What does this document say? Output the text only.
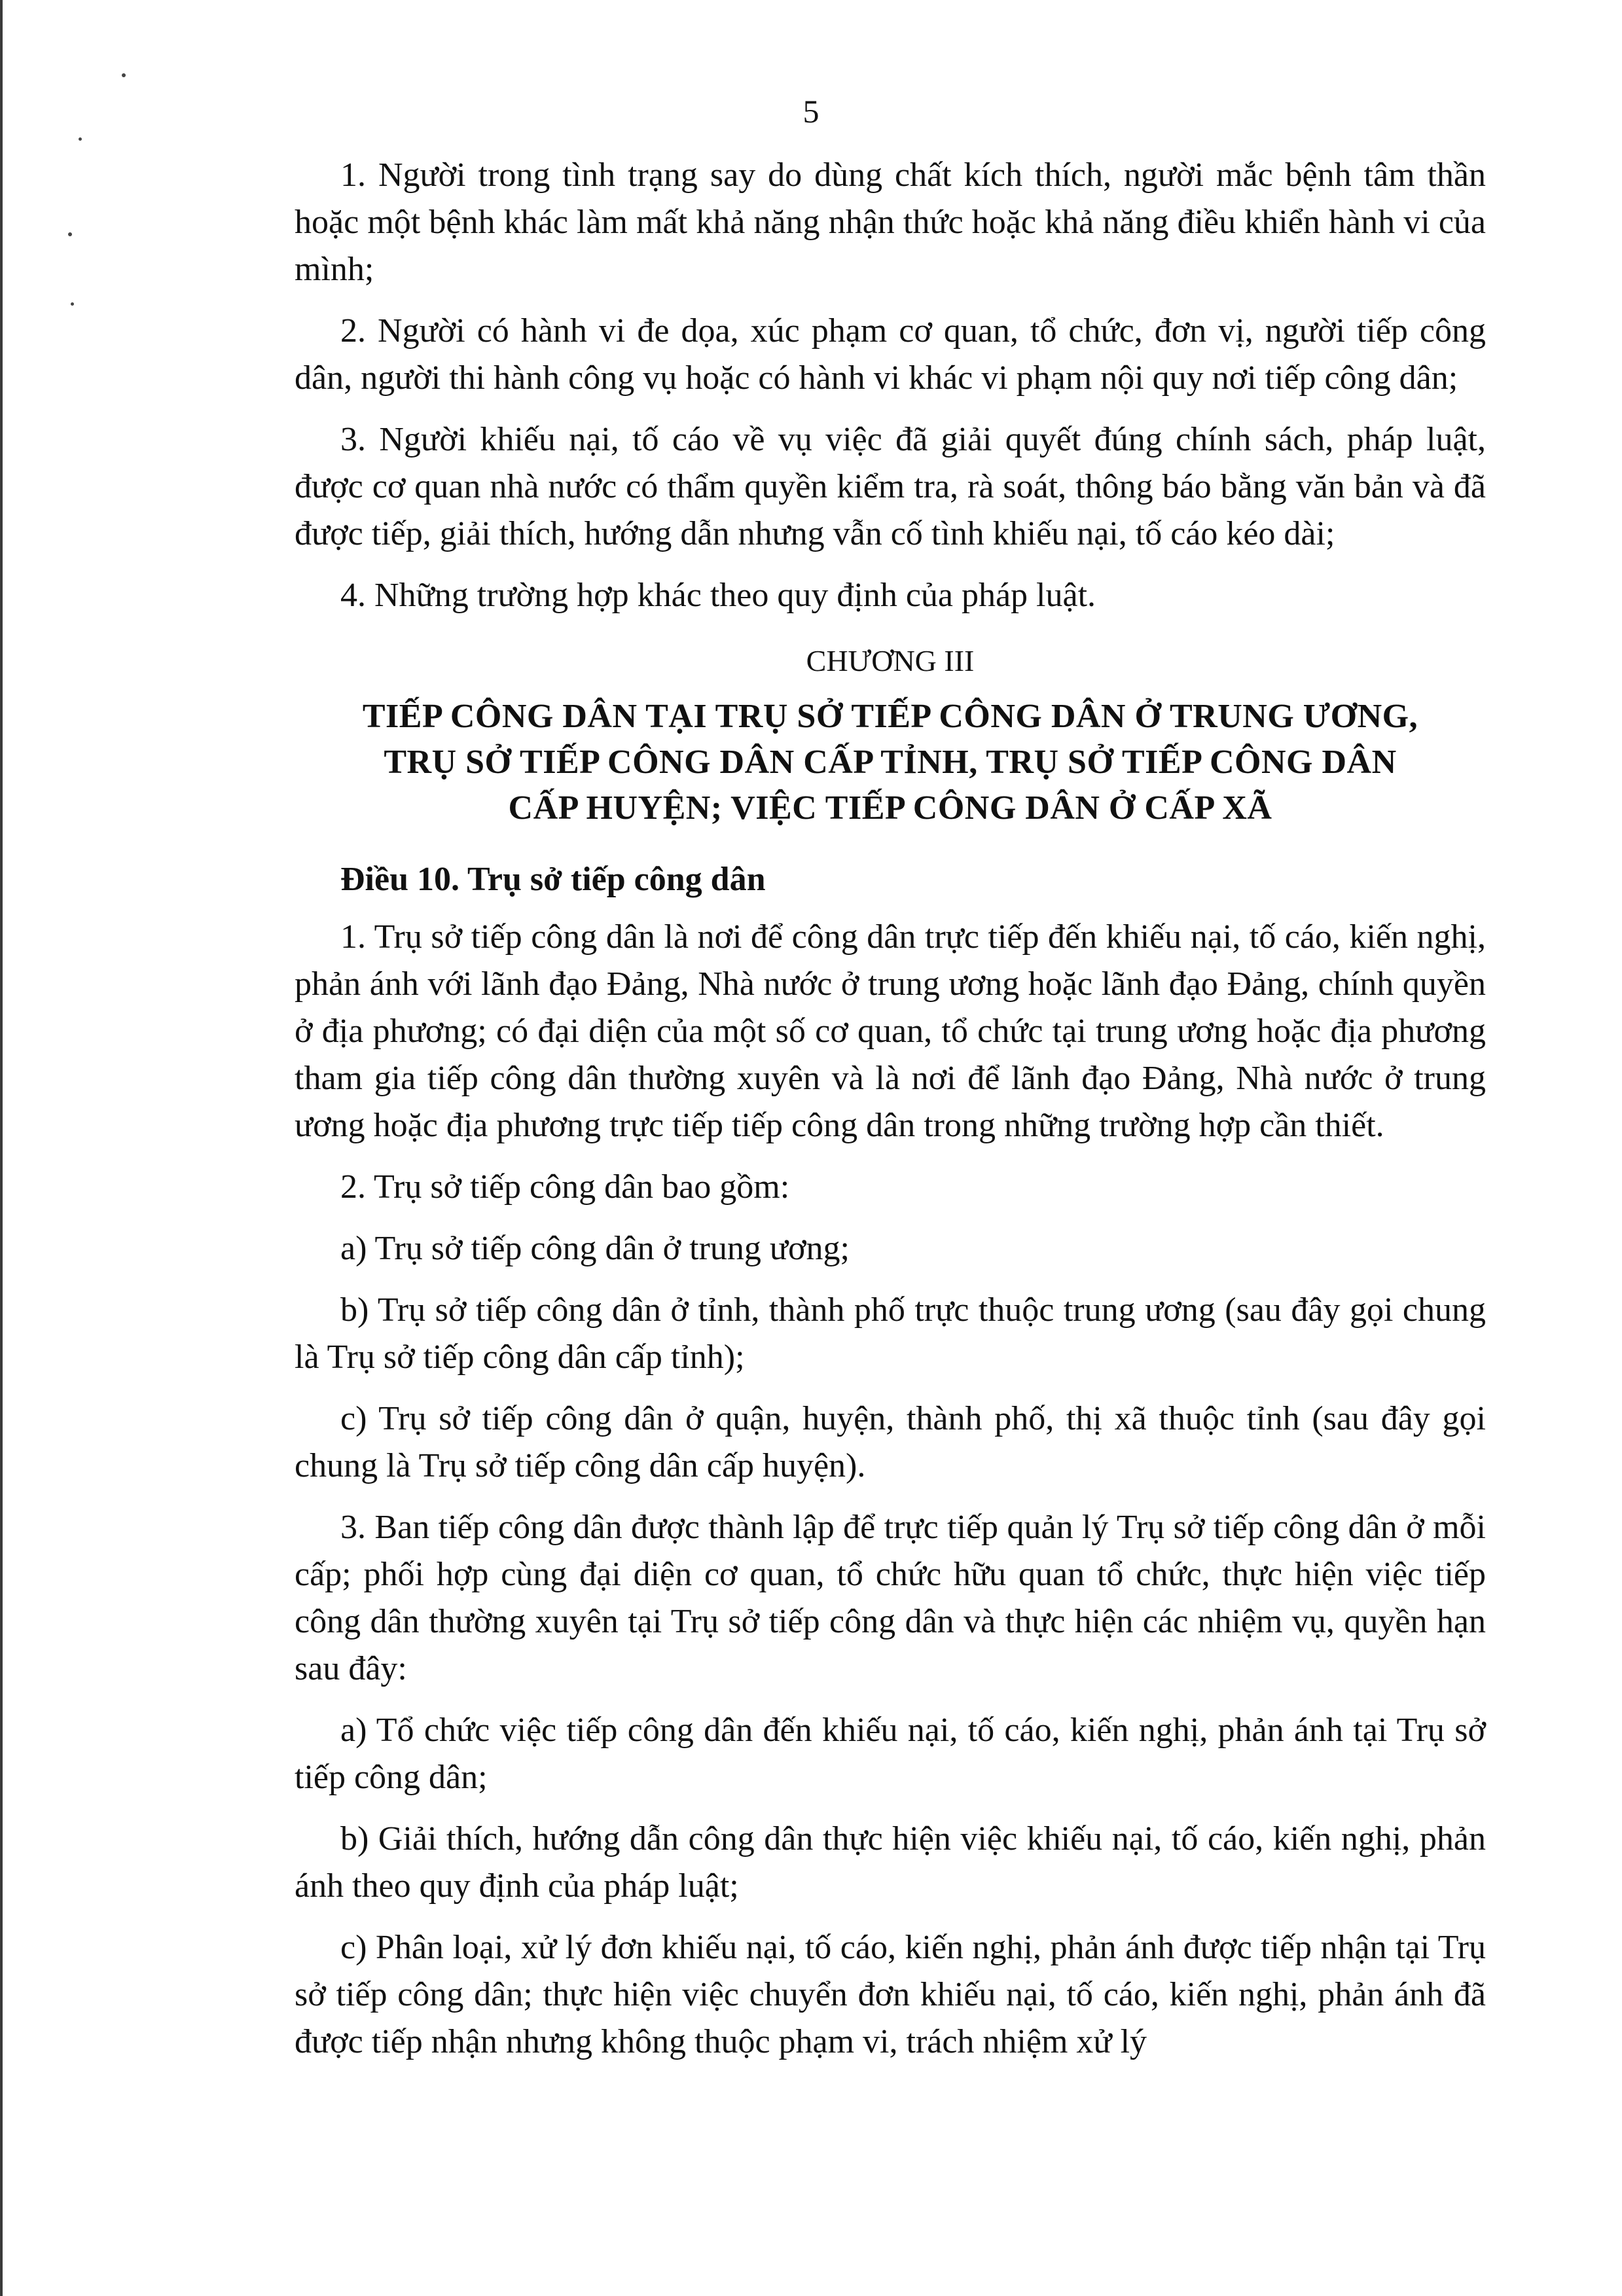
5

1. Người trong tình trạng say do dùng chất kích thích, người mắc bệnh tâm thần hoặc một bệnh khác làm mất khả năng nhận thức hoặc khả năng điều khiển hành vi của mình;

2. Người có hành vi đe dọa, xúc phạm cơ quan, tổ chức, đơn vị, người tiếp công dân, người thi hành công vụ hoặc có hành vi khác vi phạm nội quy nơi tiếp công dân;

3. Người khiếu nại, tố cáo về vụ việc đã giải quyết đúng chính sách, pháp luật, được cơ quan nhà nước có thẩm quyền kiểm tra, rà soát, thông báo bằng văn bản và đã được tiếp, giải thích, hướng dẫn nhưng vẫn cố tình khiếu nại, tố cáo kéo dài;

4. Những trường hợp khác theo quy định của pháp luật.

CHƯƠNG III

TIẾP CÔNG DÂN TẠI TRỤ SỞ TIẾP CÔNG DÂN Ở TRUNG ƯƠNG,
TRỤ SỞ TIẾP CÔNG DÂN CẤP TỈNH, TRỤ SỞ TIẾP CÔNG DÂN
CẤP HUYỆN; VIỆC TIẾP CÔNG DÂN Ở CẤP XÃ

Điều 10. Trụ sở tiếp công dân

1. Trụ sở tiếp công dân là nơi để công dân trực tiếp đến khiếu nại, tố cáo, kiến nghị, phản ánh với lãnh đạo Đảng, Nhà nước ở trung ương hoặc lãnh đạo Đảng, chính quyền ở địa phương; có đại diện của một số cơ quan, tổ chức tại trung ương hoặc địa phương tham gia tiếp công dân thường xuyên và là nơi để lãnh đạo Đảng, Nhà nước ở trung ương hoặc địa phương trực tiếp tiếp công dân trong những trường hợp cần thiết.

2. Trụ sở tiếp công dân bao gồm:

a) Trụ sở tiếp công dân ở trung ương;

b) Trụ sở tiếp công dân ở tỉnh, thành phố trực thuộc trung ương (sau đây gọi chung là Trụ sở tiếp công dân cấp tỉnh);

c) Trụ sở tiếp công dân ở quận, huyện, thành phố, thị xã thuộc tỉnh (sau đây gọi chung là Trụ sở tiếp công dân cấp huyện).

3. Ban tiếp công dân được thành lập để trực tiếp quản lý Trụ sở tiếp công dân ở mỗi cấp; phối hợp cùng đại diện cơ quan, tổ chức hữu quan tổ chức, thực hiện việc tiếp công dân thường xuyên tại Trụ sở tiếp công dân và thực hiện các nhiệm vụ, quyền hạn sau đây:

a) Tổ chức việc tiếp công dân đến khiếu nại, tố cáo, kiến nghị, phản ánh tại Trụ sở tiếp công dân;

b) Giải thích, hướng dẫn công dân thực hiện việc khiếu nại, tố cáo, kiến nghị, phản ánh theo quy định của pháp luật;

c) Phân loại, xử lý đơn khiếu nại, tố cáo, kiến nghị, phản ánh được tiếp nhận tại Trụ sở tiếp công dân; thực hiện việc chuyển đơn khiếu nại, tố cáo, kiến nghị, phản ánh đã được tiếp nhận nhưng không thuộc phạm vi, trách nhiệm xử lý
